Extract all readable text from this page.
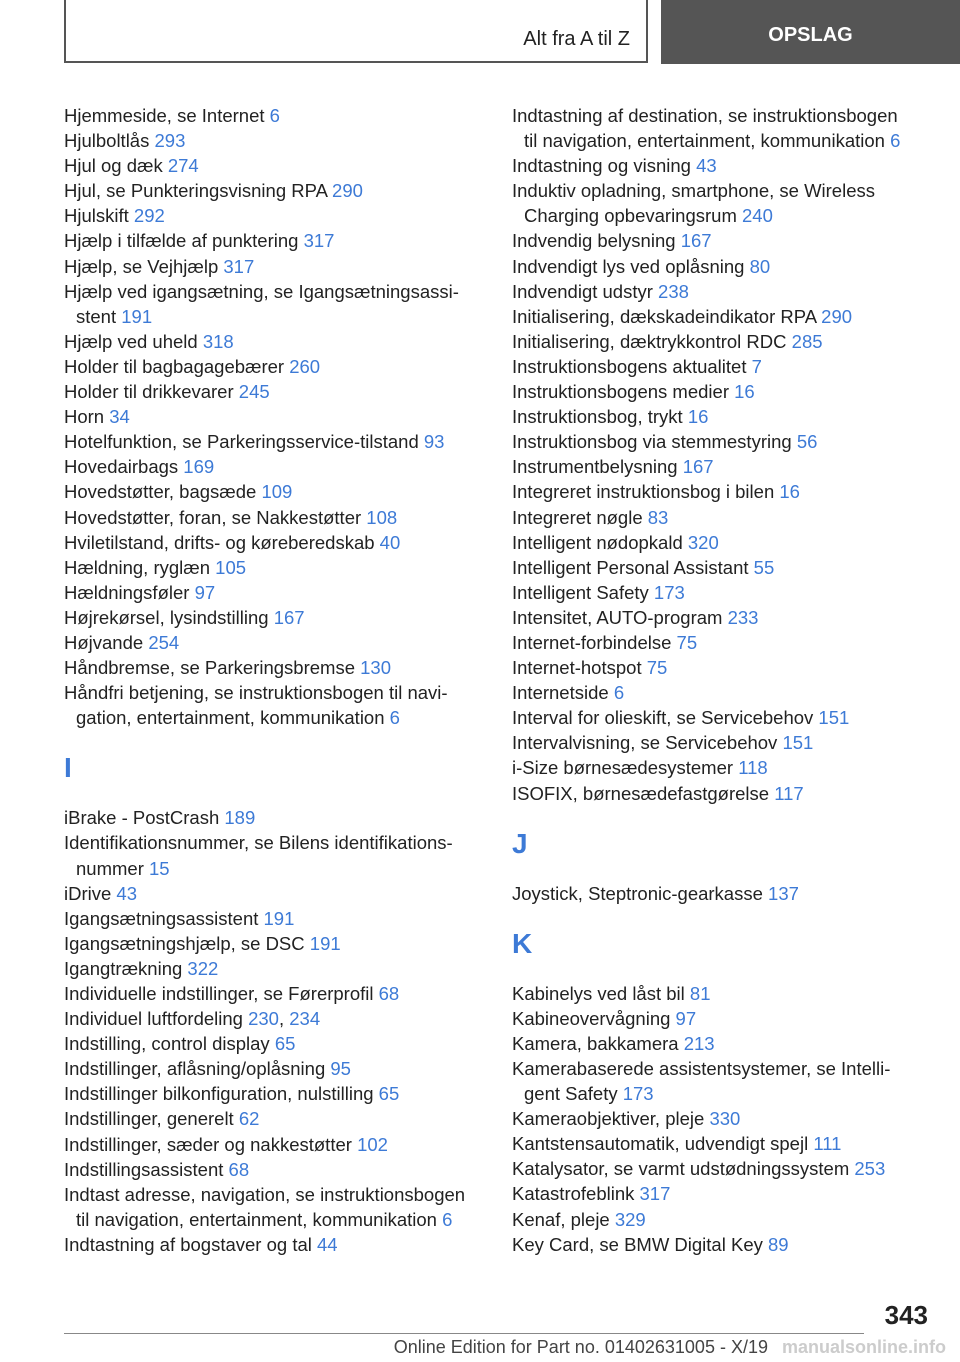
Alt fra A til Z	OPSLAG
Hjemmeside, se Internet 6
Hjulboltlås 293
Hjul og dæk 274
Hjul, se Punkteringsvisning RPA 290
Hjulskift 292
Hjælp i tilfælde af punktering 317
Hjælp, se Vejhjælp 317
Hjælp ved igangsætning, se Igangsætningsassi-
stent 191
Hjælp ved uheld 318
Holder til bagbagagebærer 260
Holder til drikkevarer 245
Horn 34
Hotelfunktion, se Parkeringsservice-tilstand 93
Hovedairbags 169
Hovedstøtter, bagsæde 109
Hovedstøtter, foran, se Nakkestøtter 108
Hviletilstand, drifts- og køreberedskab 40
Hældning, ryglæn 105
Hældningsføler 97
Højrekørsel, lysindstilling 167
Højvande 254
Håndbremse, se Parkeringsbremse 130
Håndfri betjening, se instruktionsbogen til navi-
gation, entertainment, kommunikation 6
I
iBrake - PostCrash 189
Identifikationsnummer, se Bilens identifikations-
nummer 15
iDrive 43
Igangsætningsassistent 191
Igangsætningshjælp, se DSC 191
Igangtrækning 322
Individuelle indstillinger, se Førerprofil 68
Individuel luftfordeling 230, 234
Indstilling, control display 65
Indstillinger, aflåsning/oplåsning 95
Indstillinger bilkonfiguration, nulstilling 65
Indstillinger, generelt 62
Indstillinger, sæder og nakkestøtter 102
Indstillingsassistent 68
Indtast adresse, navigation, se instruktionsbogen
til navigation, entertainment, kommunikation 6
Indtastning af bogstaver og tal 44
Indtastning af destination, se instruktionsbogen
til navigation, entertainment, kommunikation 6
Indtastning og visning 43
Induktiv opladning, smartphone, se Wireless
Charging opbevaringsrum 240
Indvendig belysning 167
Indvendigt lys ved oplåsning 80
Indvendigt udstyr 238
Initialisering, dækskadeindikator RPA 290
Initialisering, dæktrykkontrol RDC 285
Instruktionsbogens aktualitet 7
Instruktionsbogens medier 16
Instruktionsbog, trykt 16
Instruktionsbog via stemmestyring 56
Instrumentbelysning 167
Integreret instruktionsbog i bilen 16
Integreret nøgle 83
Intelligent nødopkald 320
Intelligent Personal Assistant 55
Intelligent Safety 173
Intensitet, AUTO-program 233
Internet-forbindelse 75
Internet-hotspot 75
Internetside 6
Interval for olieskift, se Servicebehov 151
Intervalvisning, se Servicebehov 151
i-Size børnesædesystemer 118
ISOFIX, børnesædefastgørelse 117
J
Joystick, Steptronic-gearkasse 137
K
Kabinelys ved låst bil 81
Kabineovervågning 97
Kamera, bakkamera 213
Kamerabaserede assistentsystemer, se Intelli-
gent Safety 173
Kameraobjektiver, pleje 330
Kantstensautomatik, udvendigt spejl 111
Katalysator, se varmt udstødningssystem 253
Katastrofeblink 317
Kenaf, pleje 329
Key Card, se BMW Digital Key 89
343
Online Edition for Part no. 01402631005 - X/19 manualsonline.info
